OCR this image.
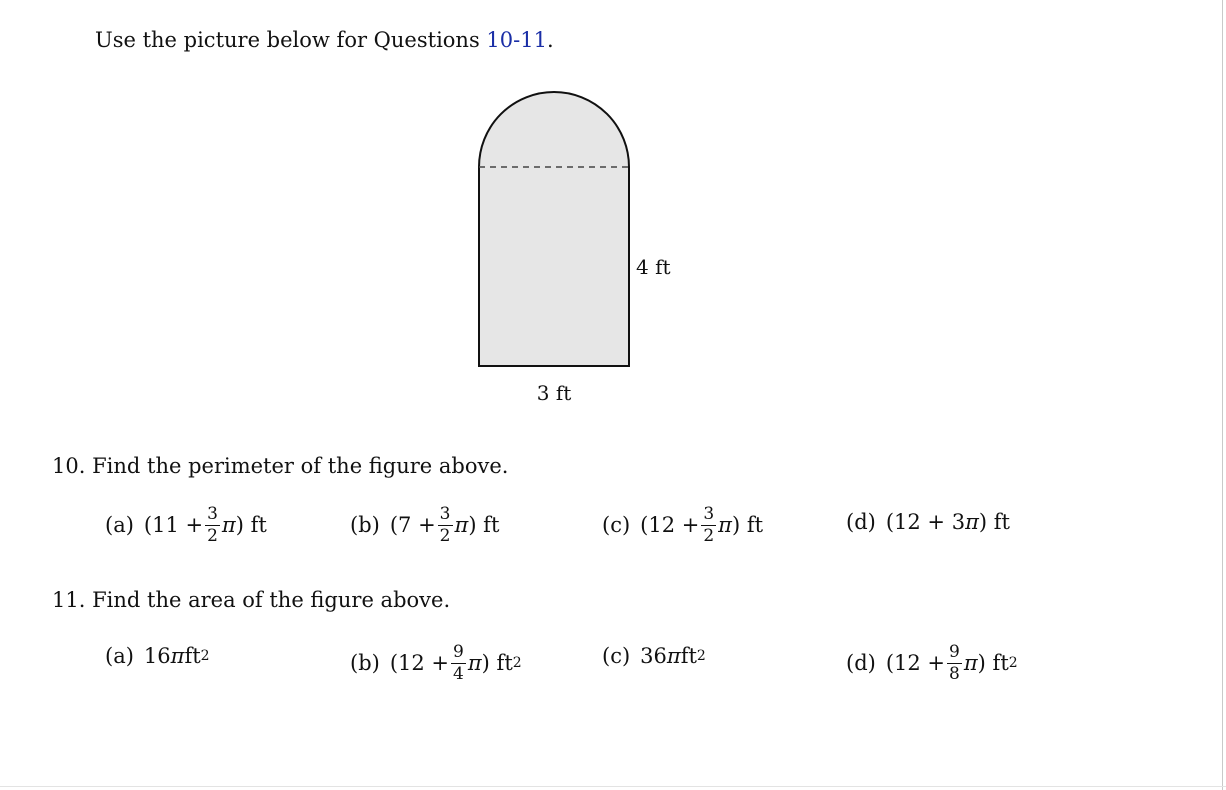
Use the picture below for Questions 10-11.
4 ft
3 ft
10. Find the perimeter of the figure above.
(a) ($11 + \frac{3}{2}$ π ) ft	(b) ($7 + \frac{3}{2}$ π ) ft	(c) ($12 + \frac{3}{2}$ π ) ft	(d) (12 + 3 π ) ft
11. Find the area of the figure above.
(a) 16 π ft 2	(b) ($12 + \frac{9}{4}$ π ) ft 2	(c) 36 π ft 2	(d) ($12 + \frac{9}{8}$ π ) ft 2
